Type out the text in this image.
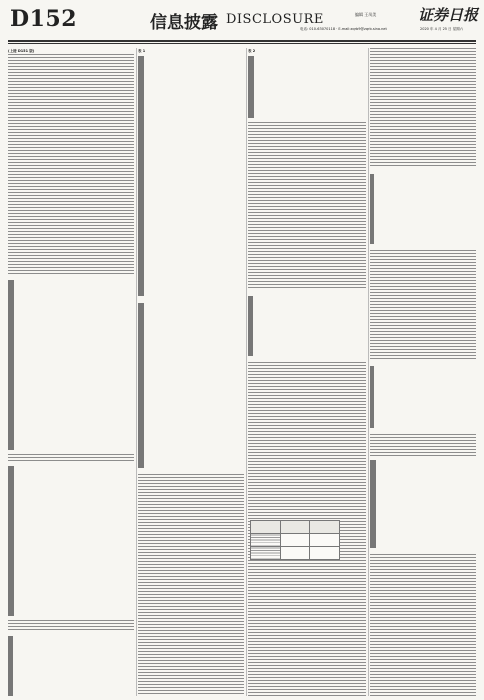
D152	信息披露 DISCLOSURE	编辑 王凤美
电话: 010-63070118 · E-mail:zqrb9@zqrb.sina.net
证券日报
2020 年 4 月 25 日 星期六
(上接 D151 版)

				表 1

					表 2
